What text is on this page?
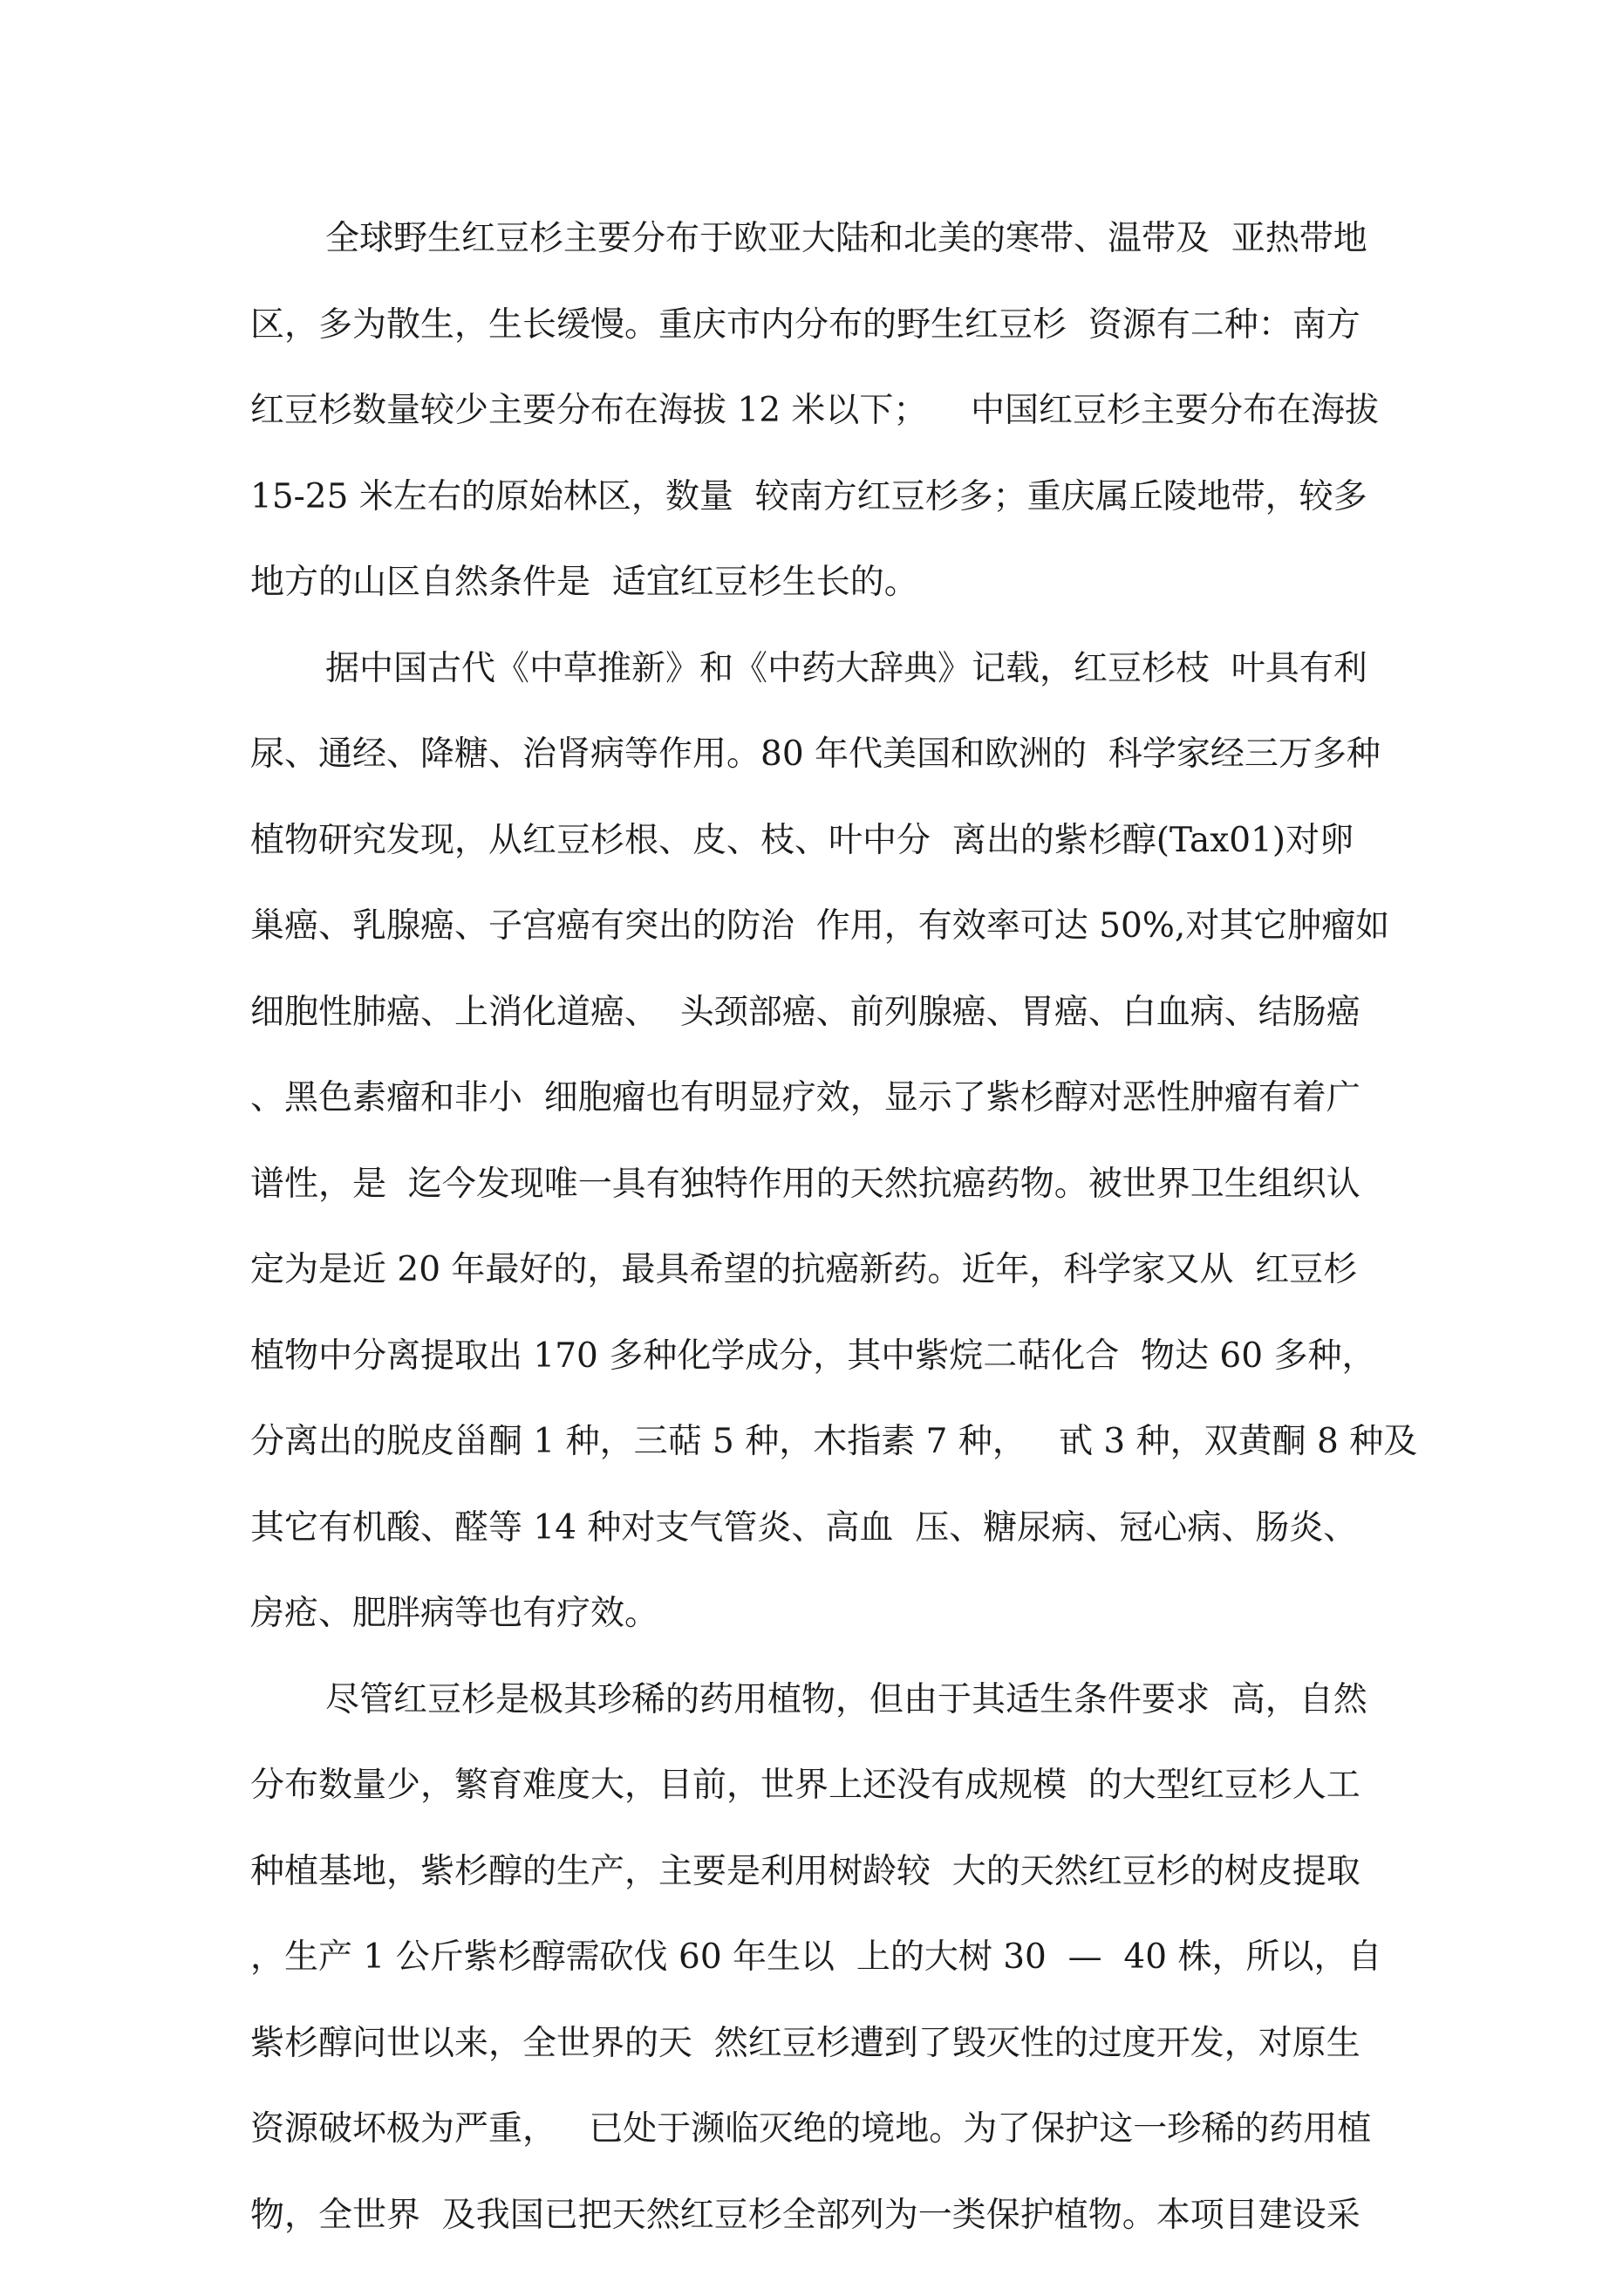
全球野生红豆杉主要分布于欧亚大陆和北美的寒带、温带及  亚热带地
区，多为散生，生长缓慢。重庆市内分布的野生红豆杉  资源有二种：南方
红豆杉数量较少主要分布在海拔 12 米以下；    中国红豆杉主要分布在海拔
15-25 米左右的原始林区，数量  较南方红豆杉多；重庆属丘陵地带，较多
地方的山区自然条件是  适宜红豆杉生长的。
据中国古代《中草推新》和《中药大辞典》记载，红豆杉枝  叶具有利
尿、通经、降糖、治肾病等作用。80 年代美国和欧洲的  科学家经三万多种
植物研究发现，从红豆杉根、皮、枝、叶中分  离出的紫杉醇(Tax01)对卵
巢癌、乳腺癌、子宫癌有突出的防治  作用，有效率可达 50%,对其它肿瘤如
细胞性肺癌、上消化道癌、  头颈部癌、前列腺癌、胃癌、白血病、结肠癌
、黑色素瘤和非小  细胞瘤也有明显疗效，显示了紫杉醇对恶性肿瘤有着广
谱性，是  迄今发现唯一具有独特作用的天然抗癌药物。被世界卫生组织认
定为是近 20 年最好的，最具希望的抗癌新药。近年，科学家又从  红豆杉
植物中分离提取出 170 多种化学成分，其中紫烷二萜化合  物达 60 多种，
分离出的脱皮甾酮 1 种，三萜 5 种，木指素 7 种，   甙 3 种，双黄酮 8 种及
其它有机酸、醛等 14 种对支气管炎、高血  压、糖尿病、冠心病、肠炎、
房疮、肥胖病等也有疗效。
尽管红豆杉是极其珍稀的药用植物，但由于其适生条件要求  高，自然
分布数量少，繁育难度大，目前，世界上还没有成规模  的大型红豆杉人工
种植基地，紫杉醇的生产，主要是利用树龄较  大的天然红豆杉的树皮提取
，生产 1 公斤紫杉醇需砍伐 60 年生以  上的大树 30  —  40 株，所以，自
紫杉醇问世以来，全世界的天  然红豆杉遭到了毁灭性的过度开发，对原生
资源破坏极为严重，   已处于濒临灭绝的境地。为了保护这一珍稀的药用植
物，全世界  及我国已把天然红豆杉全部列为一类保护植物。本项目建设采
